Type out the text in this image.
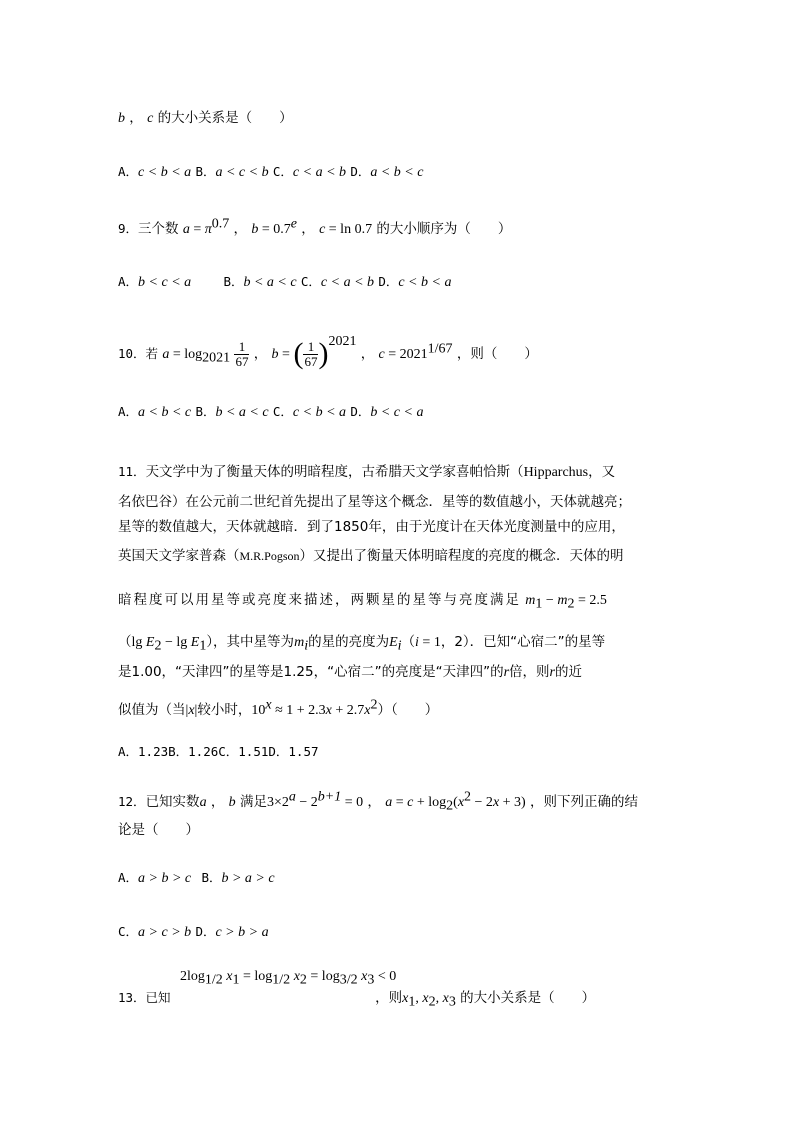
b ， c 的大小关系是（　　）
A．c < b < a B．a < c < b C．c < a < b D．a < b < c
9．三个数 $a = \pi^{0.7}$ ， b = 0.7$^e$ ， c = ln 0.7 的大小顺序为（　　）
A．b < c < a	B．b < a < c C．c < a < b D．c < b < a
10．若 $a = \log_{2021} \frac{1}{67}$ ， b = ( $\frac{1}{67} )^{2021}$ ， $c = 2021^{1/67}$ ，则（　　）
A．a < b < c B．b < a < c C．c < b < a D．b < c < a
11．天文学中为了衡量天体的明暗程度，古希腊天文学家喜帕恰斯（Hipparchus，又
名依巴谷）在公元前二世纪首先提出了星等这个概念．星等的数值越小，天体就越亮；
星等的数值越大，天体就越暗．到了1850年，由于光度计在天体光度测量中的应用，
英国天文学家普森（M.R.Pogson）又提出了衡量天体明暗程度的亮度的概念．天体的明
暗程度可以用星等或亮度来描述，两颗星的星等与亮度满足 $m_1 - m_2 = 2.5$
（lg $E_2 - \lg E_1$），其中星等为$m_i$的星的亮度为$E_i(i = 1$，2）．已知“心宿二”的星等
是1.00，“天津四”的星等是1.25，“心宿二”的亮度是“天津四”的r倍，则r的近
似值为（当|x|较小时，$10^x \approx 1 + 2.3x + 2.7x^2$）（　　）
A．1.23B．1.26C．1.51D．1.57
12．已知实数a ， b 满足$3\times 2^a - 2^{b+1} = 0$ ， $a = c + \log_2(x^2 - 2x + 3)$ ，则下列正确的结
论是（　　）
A．a > b > c B．b > a > c
C．a > c > b D．c > b > a
$2\log_{1/2}$ $x_1 = \log_{1/2} x_2 = \log_{3/2} x_3 < 0$
13．已知	，则$x_1$, $x_2$, $x_3$ 的大小关系是（　　）
